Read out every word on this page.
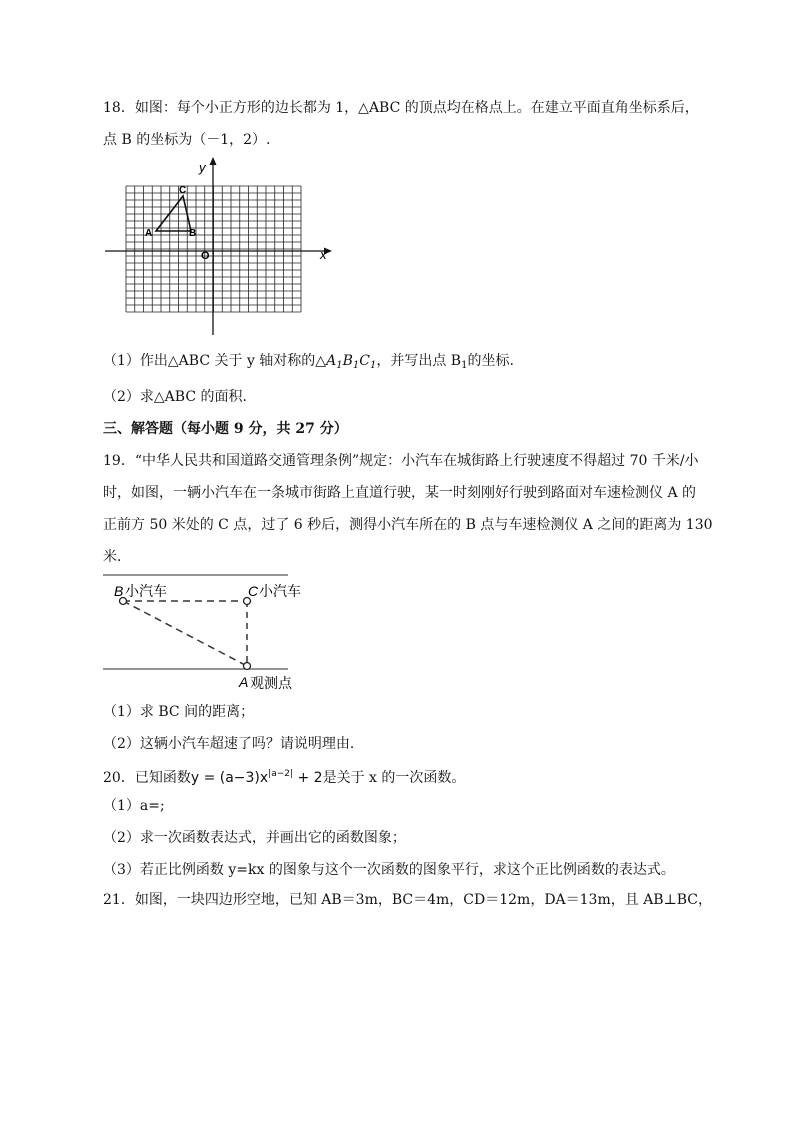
18．如图：每个小正方形的边长都为 1，△ABC 的顶点均在格点上。在建立平面直角坐标系后，
点 B 的坐标为（－1，2）.
y
x
O
A	B
C
（1）作出△ABC 关于 y 轴对称的$\triangle A_1B_1C_1$，并写出点 $B_1$的坐标.
（2）求△ABC 的面积.
三、解答题（每小题 9 分，共 27 分）
19．“中华人民共和国道路交通管理条例”规定：小汽车在城街路上行驶速度不得超过 70 千米/小
时，如图，一辆小汽车在一条城市街路上直道行驶，某一时刻刚好行驶到路面对车速检测仪 A 的
正前方 50 米处的 C 点，过了 6 秒后，测得小汽车所在的 B 点与车速检测仪 A 之间的距离为 130
米．
B 小汽车	C 小汽车
A 观测点
（1）求 BC 间的距离；
（2）这辆小汽车超速了吗？请说明理由．
20．已知函数$y = (a-3)x^{|a-2|} + 2$是关于 x 的一次函数。
（1）a=;
（2）求一次函数表达式，并画出它的函数图象；
（3）若正比例函数 y=kx 的图象与这个一次函数的图象平行，求这个正比例函数的表达式。
21．如图，一块四边形空地，已知 AB＝3m，BC＝4m，CD＝12m，DA＝13m，且 AB⊥BC，
